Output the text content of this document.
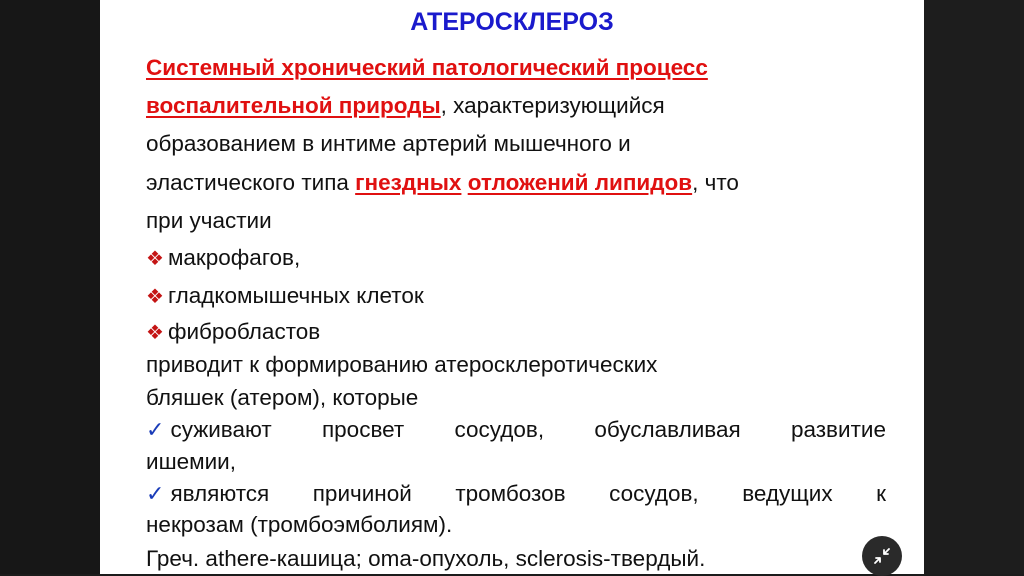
АТЕРОСКЛЕРОЗ
Системный хронический патологический процесс
воспалительной природы, характеризующийся
образованием в интиме артерий мышечного и
эластического типа гнездных отложений липидов, что
при участии
❖ макрофагов,
❖ гладкомышечных клеток
❖ фибробластов
приводит к формированию атеросклеротических
бляшек (атером), которые
✓ суживают просвет сосудов, обуславливая развитие
ишемии,
✓ являются причиной тромбозов сосудов, ведущих к
некрозам (тромбоэмболиям).
Греч. athere-кашица; oma-опухоль, sclerosis-твердый.
